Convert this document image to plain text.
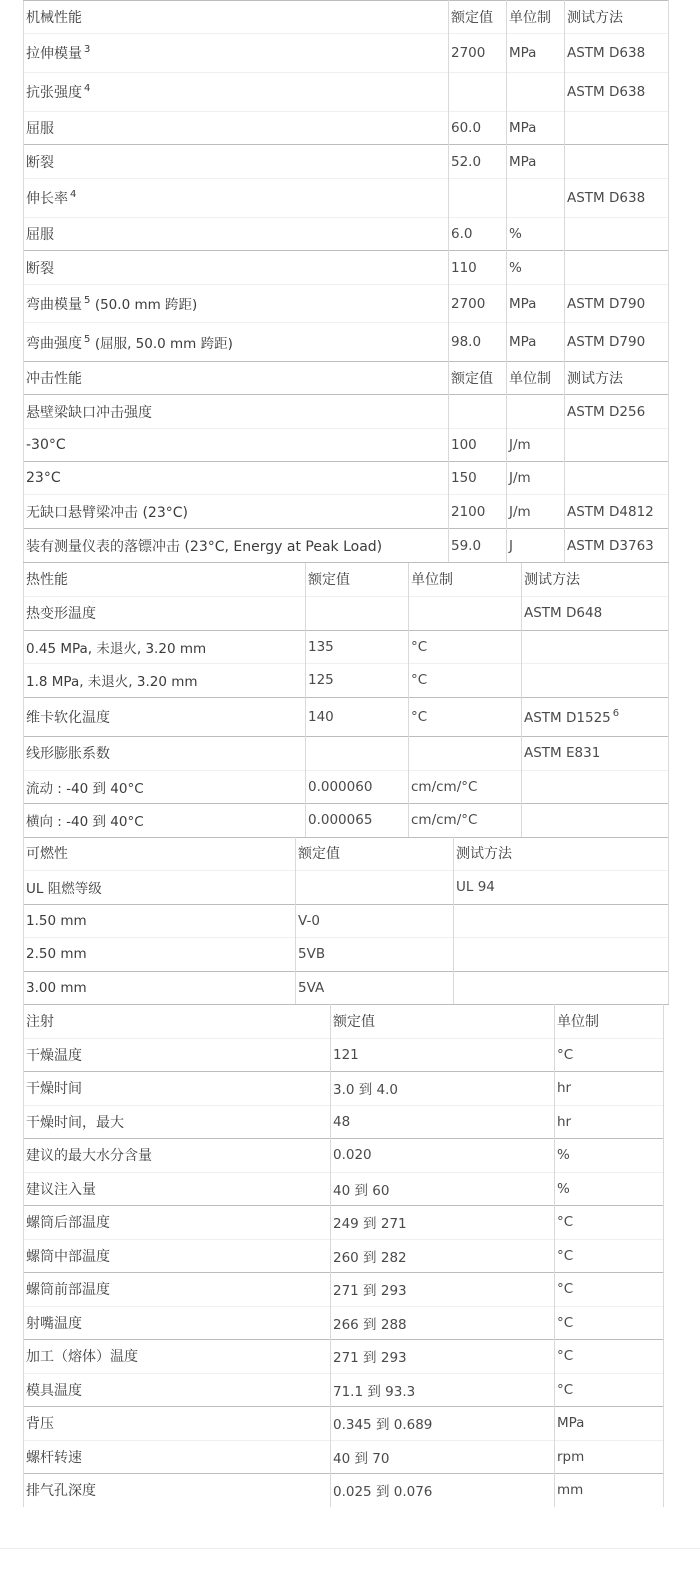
机械性能	额定值	单位制	测试方法
拉伸模量 $^3$	2700	MPa	ASTM D638
抗张强度 $^4$			ASTM D638
屈服	60.0	MPa	
断裂	52.0	MPa	
伸长率 $^4$			ASTM D638
屈服	6.0	%	
断裂	110	%	
弯曲模量 $^5$ (50.0 mm 跨距)	2700	MPa	ASTM D790
弯曲强度 $^5$ (屈服, 50.0 mm 跨距)	98.0	MPa	ASTM D790
冲击性能	额定值	单位制	测试方法
悬壁梁缺口冲击强度			ASTM D256
-30°C	100	J/m	
23°C	150	J/m	
无缺口悬臂梁冲击 (23°C)	2100	J/m	ASTM D4812
装有测量仪表的落镖冲击 (23°C, Energy at Peak Load)	59.0	J	ASTM D3763
热性能	额定值	单位制	测试方法
热变形温度			ASTM D648
0.45 MPa, 未退火, 3.20 mm	135	°C	
1.8 MPa, 未退火, 3.20 mm	125	°C	
维卡软化温度	140	°C	ASTM D1525 $^6$
线形膨胀系数			ASTM E831
流动 : -40 到 40°C	0.000060	cm/cm/°C	
横向 : -40 到 40°C	0.000065	cm/cm/°C	
可燃性	额定值	测试方法
UL 阻燃等级		UL 94
1.50 mm	V-0	
2.50 mm	5VB	
3.00 mm	5VA	
注射	额定值	单位制
干燥温度	121	°C
干燥时间	3.0 到 4.0	hr
干燥时间，最大	48	hr
建议的最大水分含量	0.020	%
建议注入量	40 到 60	%
螺筒后部温度	249 到 271	°C
螺筒中部温度	260 到 282	°C
螺筒前部温度	271 到 293	°C
射嘴温度	266 到 288	°C
加工（熔体）温度	271 到 293	°C
模具温度	71.1 到 93.3	°C
背压	0.345 到 0.689	MPa
螺杆转速	40 到 70	rpm
排气孔深度	0.025 到 0.076	mm
